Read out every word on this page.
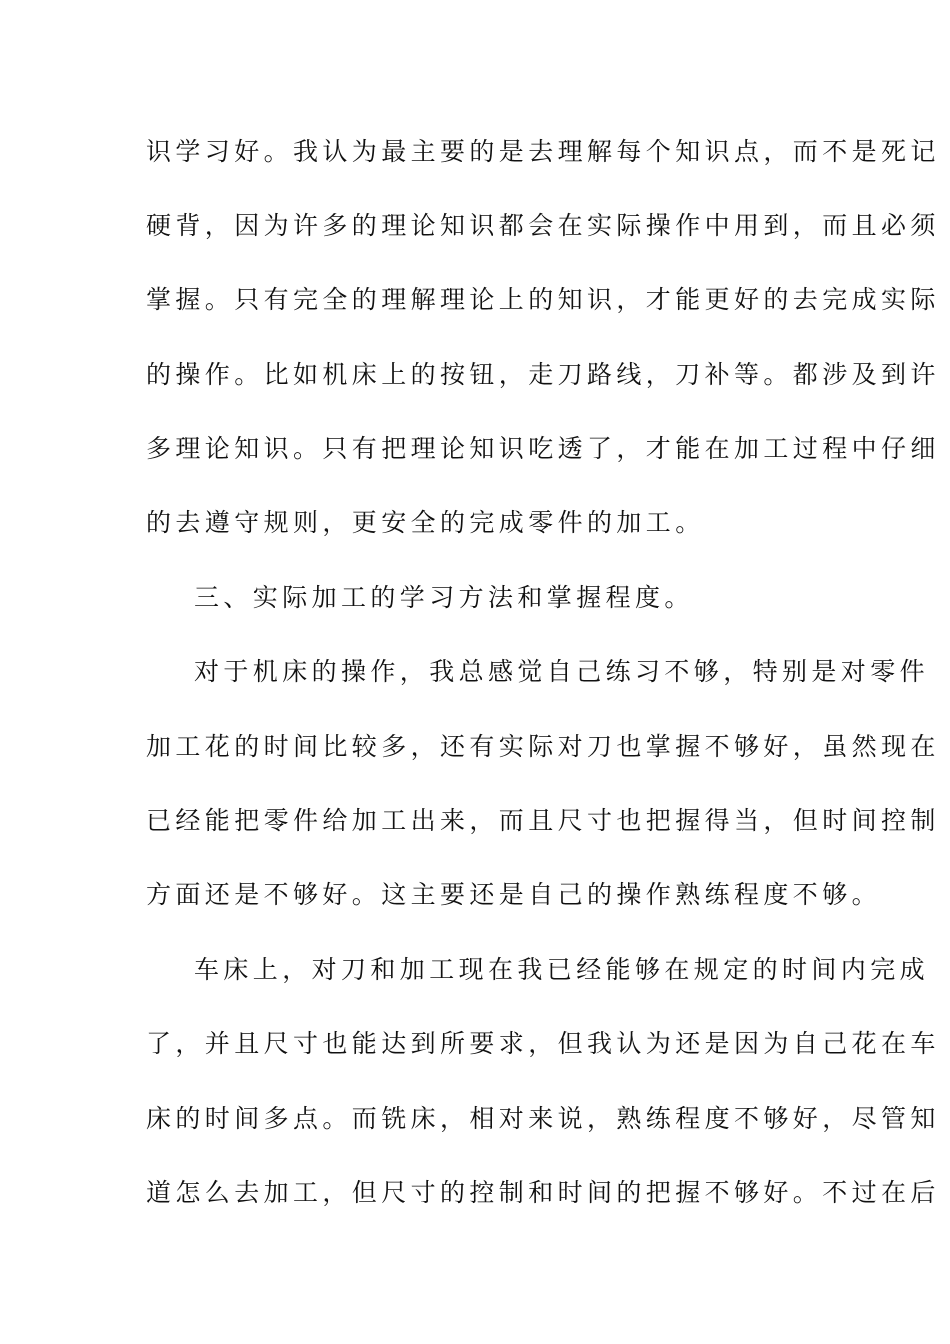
识学习好。我认为最主要的是去理解每个知识点，而不是死记
硬背，因为许多的理论知识都会在实际操作中用到，而且必须
掌握。只有完全的理解理论上的知识，才能更好的去完成实际
的操作。比如机床上的按钮，走刀路线，刀补等。都涉及到许
多理论知识。只有把理论知识吃透了，才能在加工过程中仔细
的去遵守规则，更安全的完成零件的加工。
三、实际加工的学习方法和掌握程度。
对于机床的操作，我总感觉自己练习不够，特别是对零件
加工花的时间比较多，还有实际对刀也掌握不够好，虽然现在
已经能把零件给加工出来，而且尺寸也把握得当，但时间控制
方面还是不够好。这主要还是自己的操作熟练程度不够。
车床上，对刀和加工现在我已经能够在规定的时间内完成
了，并且尺寸也能达到所要求，但我认为还是因为自己花在车
床的时间多点。而铣床，相对来说，熟练程度不够好，尽管知
道怎么去加工，但尺寸的控制和时间的把握不够好。不过在后
